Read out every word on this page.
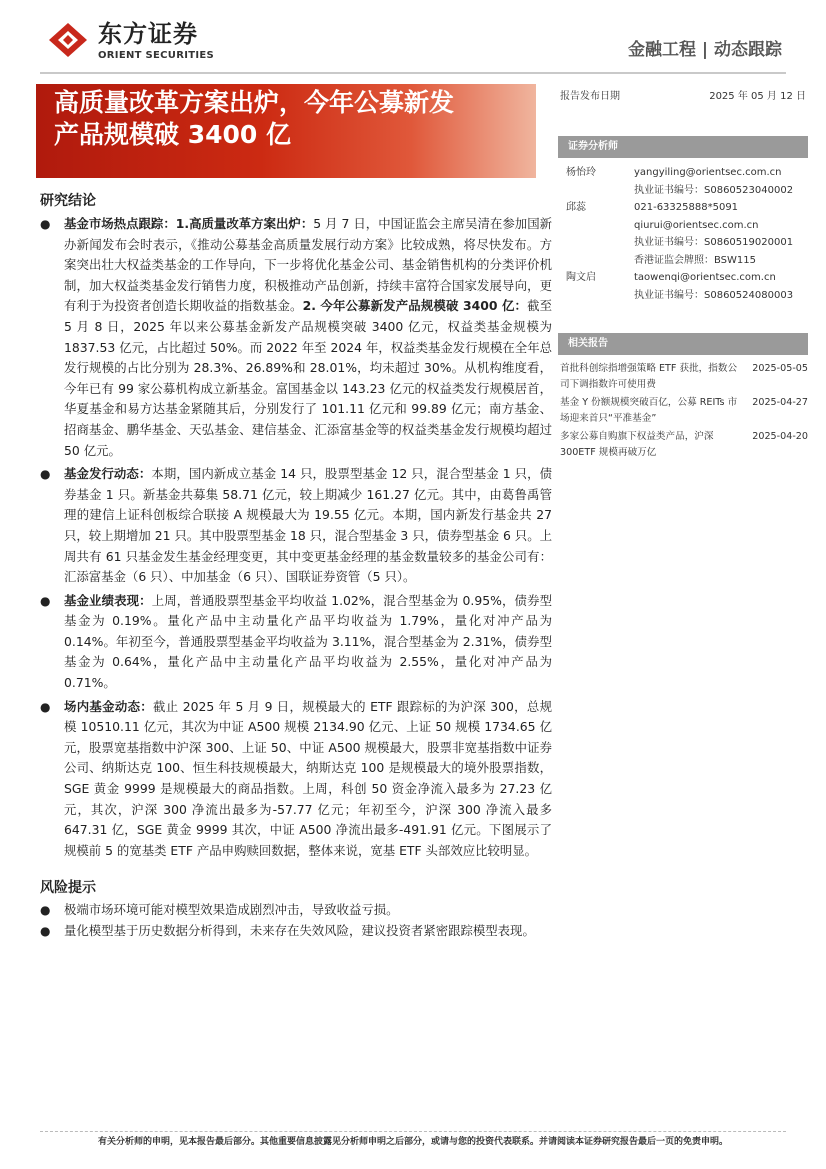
东方证券
ORIENT SECURITIES	金融工程 | 动态跟踪
高质量改革方案出炉，今年公募新发
产品规模破 3400 亿
报告发布日期	2025 年 05 月 12 日
证券分析师
杨怡玲	yangyiling@orientsec.com.cn
执业证书编号：S0860523040002
邱蕊	021-63325888*5091
qiurui@orientsec.com.cn
执业证书编号：S0860519020001
香港证监会牌照：BSW115
陶文启	taowenqi@orientsec.com.cn
执业证书编号：S0860524080003
相关报告
首批科创综指增强策略 ETF 获批，指数公
司下调指数许可使用费
2025-05-05
基金 Y 份额规模突破百亿，公募 REITs 市
场迎来首只“平准基金”
2025-04-27
多家公募自购旗下权益类产品，沪深
300ETF 规模再破万亿
2025-04-20
研究结论
●	基金市场热点跟踪：1.高质量改革方案出炉：5 月 7 日，中国证监会主席吴清在参加国新办新闻发布会时表示，《推动公募基金高质量发展行动方案》比较成熟，将尽快发布。方案突出壮大权益类基金的工作导向，下一步将优化基金公司、基金销售机构的分类评价机制，加大权益类基金发行销售力度，积极推动产品创新，持续丰富符合国家发展导向，更有利于为投资者创造长期收益的指数基金。2. 今年公募新发产品规模破 3400 亿：截至 5 月 8 日，2025 年以来公募基金新发产品规模突破 3400 亿元，权益类基金规模为 1837.53 亿元，占比超过 50%。而 2022 年至 2024 年，权益类基金发行规模在全年总发行规模的占比分别为 28.3%、26.89%和 28.01%，均未超过 30%。从机构维度看，今年已有 99 家公募机构成立新基金。富国基金以 143.23 亿元的权益类发行规模居首，华夏基金和易方达基金紧随其后，分别发行了 101.11 亿元和 99.89 亿元；南方基金、招商基金、鹏华基金、天弘基金、建信基金、汇添富基金等的权益类基金发行规模均超过 50 亿元。
●	基金发行动态：本期，国内新成立基金 14 只，股票型基金 12 只，混合型基金 1 只，债券基金 1 只。新基金共募集 58.71 亿元，较上期减少 161.27 亿元。其中，由葛鲁禹管理的建信上证科创板综合联接 A 规模最大为 19.55 亿元。本期，国内新发行基金共 27 只，较上期增加 21 只。其中股票型基金 18 只，混合型基金 3 只，债券型基金 6 只。上周共有 61 只基金发生基金经理变更，其中变更基金经理的基金数量较多的基金公司有：汇添富基金（6 只）、中加基金（6 只）、国联证券资管（5 只）。
●	基金业绩表现：上周，普通股票型基金平均收益 1.02%，混合型基金为 0.95%，债券型基金为 0.19%。量化产品中主动量化产品平均收益为 1.79%，量化对冲产品为 0.14%。年初至今，普通股票型基金平均收益为 3.11%，混合型基金为 2.31%，债券型基金为 0.64%，量化产品中主动量化产品平均收益为 2.55%，量化对冲产品为 0.71%。
●	场内基金动态：截止 2025 年 5 月 9 日，规模最大的 ETF 跟踪标的为沪深 300，总规模 10510.11 亿元，其次为中证 A500 规模 2134.90 亿元、上证 50 规模 1734.65 亿元，股票宽基指数中沪深 300、上证 50、中证 A500 规模最大，股票非宽基指数中证券公司、纳斯达克 100、恒生科技规模最大，纳斯达克 100 是规模最大的境外股票指数，SGE 黄金 9999 是规模最大的商品指数。上周，科创 50 资金净流入最多为 27.23 亿元，其次，沪深 300 净流出最多为-57.77 亿元；年初至今，沪深 300 净流入最多 647.31 亿，SGE 黄金 9999 其次，中证 A500 净流出最多-491.91 亿元。下图展示了规模前 5 的宽基类 ETF 产品申购赎回数据，整体来说，宽基 ETF 头部效应比较明显。
风险提示
●	极端市场环境可能对模型效果造成剧烈冲击，导致收益亏损。
●	量化模型基于历史数据分析得到，未来存在失效风险，建议投资者紧密跟踪模型表现。
有关分析师的申明，见本报告最后部分。其他重要信息披露见分析师申明之后部分，或请与您的投资代表联系。并请阅读本证券研究报告最后一页的免责申明。
